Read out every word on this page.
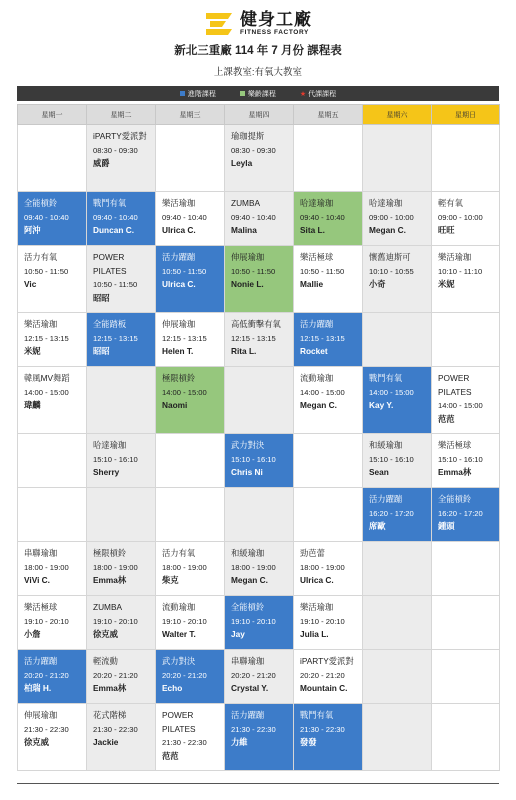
健身工廠
FITNESS FACTORY
新北三重廠 114 年 7 月份 課程表
上課教室:有氧大教室
進階課程	樂齡課程	★ 代課課程
星期一	星期二	星期三	星期四	星期五	星期六	星期日

	iPARTY愛派對
08:30 - 09:30
威爵		瑜珈提斯
08:30 - 09:30
Leyla			

全能槓鈴
09:40 - 10:40
阿沖	戰鬥有氧
09:40 - 10:40
Duncan C.	樂活瑜珈
09:40 - 10:40
Ulrica C.	ZUMBA
09:40 - 10:40
Malina	哈達瑜珈
09:40 - 10:40
Sita L.	哈達瑜珈
09:00 - 10:00
Megan C.	輕有氧
09:00 - 10:00
旺旺

活力有氧
10:50 - 11:50
Vic	POWER PILATES
10:50 - 11:50
昭昭	活力躍蹦
10:50 - 11:50
Ulrica C.	伸展瑜珈
10:50 - 11:50
Nonie L.	樂活極球
10:50 - 11:50
Mallie	懷舊迪斯可
10:10 - 10:55
小奇	樂活瑜珈
10:10 - 11:10
米妮

樂活瑜珈
12:15 - 13:15
米妮	全能踏板
12:15 - 13:15
昭昭	伸展瑜珈
12:15 - 13:15
Helen T.	高低衝擊有氧
12:15 - 13:15
Rita L.	活力躍蹦
12:15 - 13:15
Rocket		

韓風MV舞蹈
14:00 - 15:00
瑋麟		極限槓鈴
14:00 - 15:00
Naomi		流動瑜珈
14:00 - 15:00
Megan C.	戰鬥有氧
14:00 - 15:00
Kay Y.	POWER PILATES
14:00 - 15:00
范范

	哈達瑜珈
15:10 - 16:10
Sherry		武力對決
15:10 - 16:10
Chris Ni		和緩瑜珈
15:10 - 16:10
Sean	樂活極球
15:10 - 16:10
Emma林

					活力躍蹦
16:20 - 17:20
席歐	全能槓鈴
16:20 - 17:20
鍾頭

串聯瑜珈
18:00 - 19:00
ViVi C.	極限槓鈴
18:00 - 19:00
Emma林	活力有氧
18:00 - 19:00
柴克	和緩瑜珈
18:00 - 19:00
Megan C.	勁芭蕾
18:00 - 19:00
Ulrica C.		

樂活極球
19:10 - 20:10
小詹	ZUMBA
19:10 - 20:10
徐克威	流動瑜珈
19:10 - 20:10
Walter T.	全能槓鈴
19:10 - 20:10
Jay	樂活瑜珈
19:10 - 20:10
Julia L.		

活力躍蹦
20:20 - 21:20
柏瑞 H.	輕流動
20:20 - 21:20
Emma林	武力對決
20:20 - 21:20
Echo	串聯瑜珈
20:20 - 21:20
Crystal Y.	iPARTY愛派對
20:20 - 21:20
Mountain C.		

伸展瑜珈
21:30 - 22:30
徐克威	花式階梯
21:30 - 22:30
Jackie	POWER PILATES
21:30 - 22:30
范范	活力躍蹦
21:30 - 22:30
力維	戰鬥有氧
21:30 - 22:30
發發		
